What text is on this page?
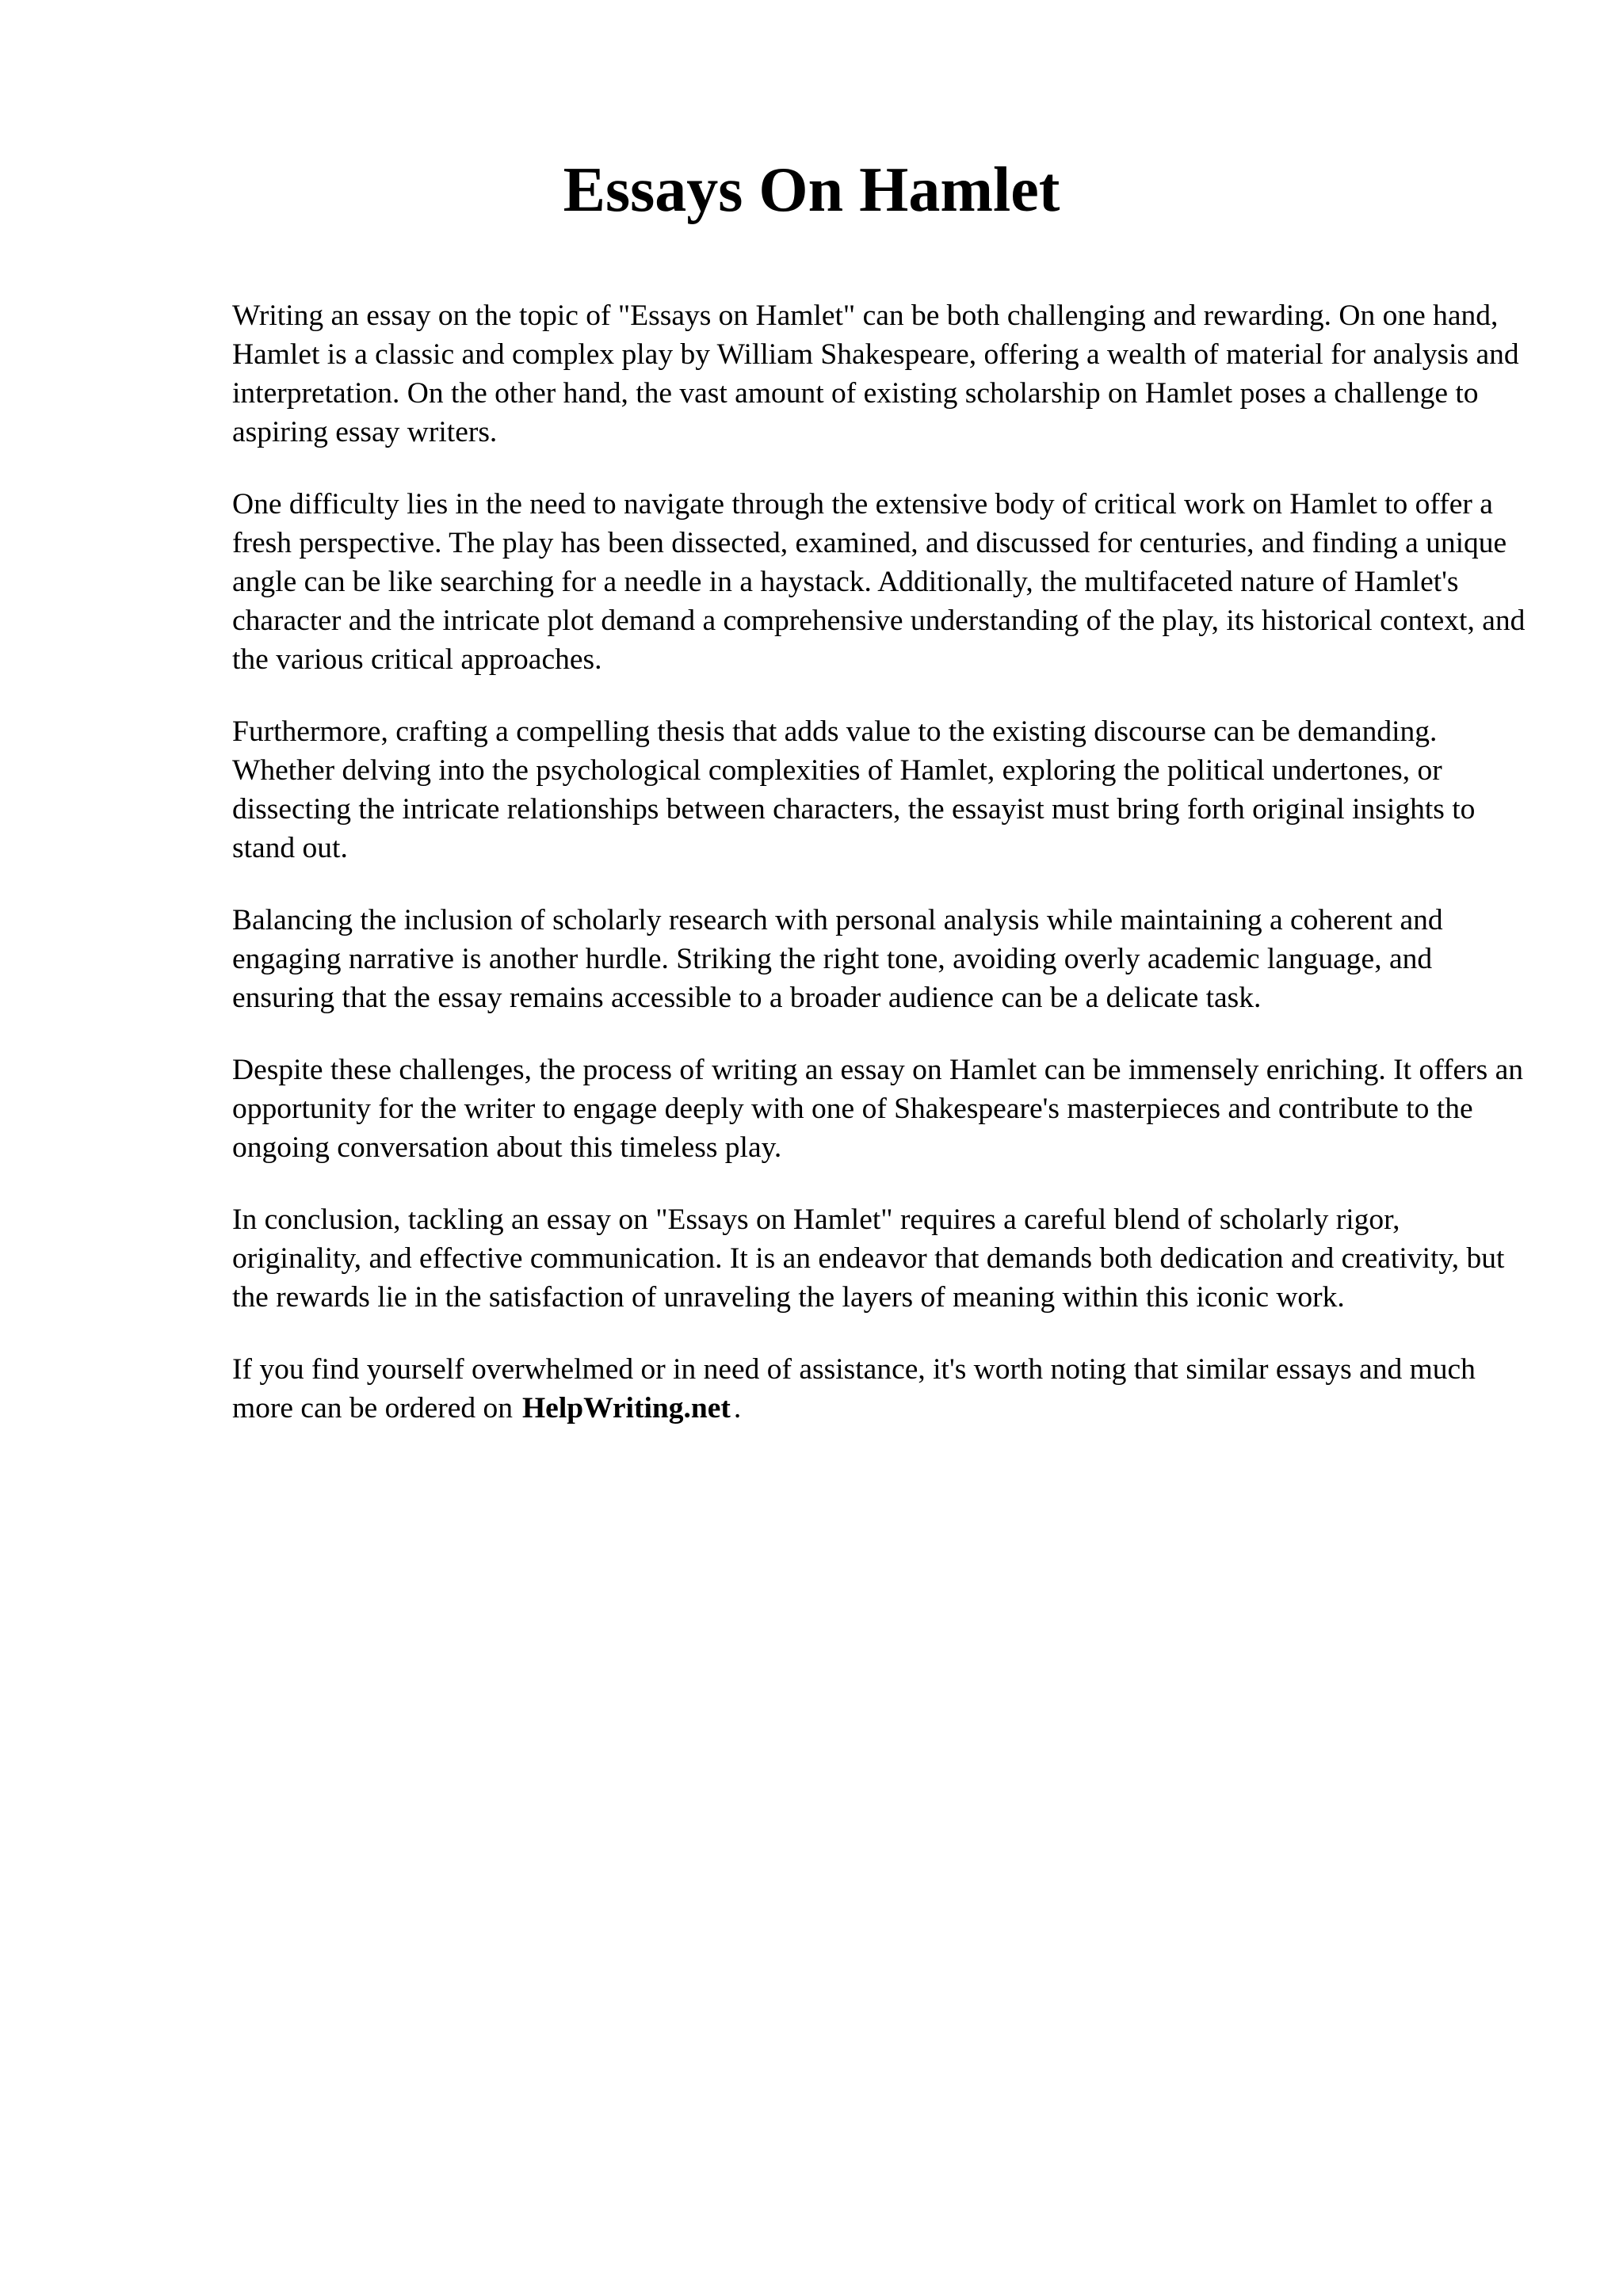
Essays On Hamlet

Writing an essay on the topic of "Essays on Hamlet" can be both challenging and rewarding. On one hand, Hamlet is a classic and complex play by William Shakespeare, offering a wealth of material for analysis and interpretation. On the other hand, the vast amount of existing scholarship on Hamlet poses a challenge to aspiring essay writers.

One difficulty lies in the need to navigate through the extensive body of critical work on Hamlet to offer a fresh perspective. The play has been dissected, examined, and discussed for centuries, and finding a unique angle can be like searching for a needle in a haystack. Additionally, the multifaceted nature of Hamlet's character and the intricate plot demand a comprehensive understanding of the play, its historical context, and the various critical approaches.

Furthermore, crafting a compelling thesis that adds value to the existing discourse can be demanding. Whether delving into the psychological complexities of Hamlet, exploring the political undertones, or dissecting the intricate relationships between characters, the essayist must bring forth original insights to stand out.

Balancing the inclusion of scholarly research with personal analysis while maintaining a coherent and engaging narrative is another hurdle. Striking the right tone, avoiding overly academic language, and ensuring that the essay remains accessible to a broader audience can be a delicate task.

Despite these challenges, the process of writing an essay on Hamlet can be immensely enriching. It offers an opportunity for the writer to engage deeply with one of Shakespeare's masterpieces and contribute to the ongoing conversation about this timeless play.

In conclusion, tackling an essay on "Essays on Hamlet" requires a careful blend of scholarly rigor, originality, and effective communication. It is an endeavor that demands both dedication and creativity, but the rewards lie in the satisfaction of unraveling the layers of meaning within this iconic work.

If you find yourself overwhelmed or in need of assistance, it's worth noting that similar essays and much more can be ordered on HelpWriting.net .
